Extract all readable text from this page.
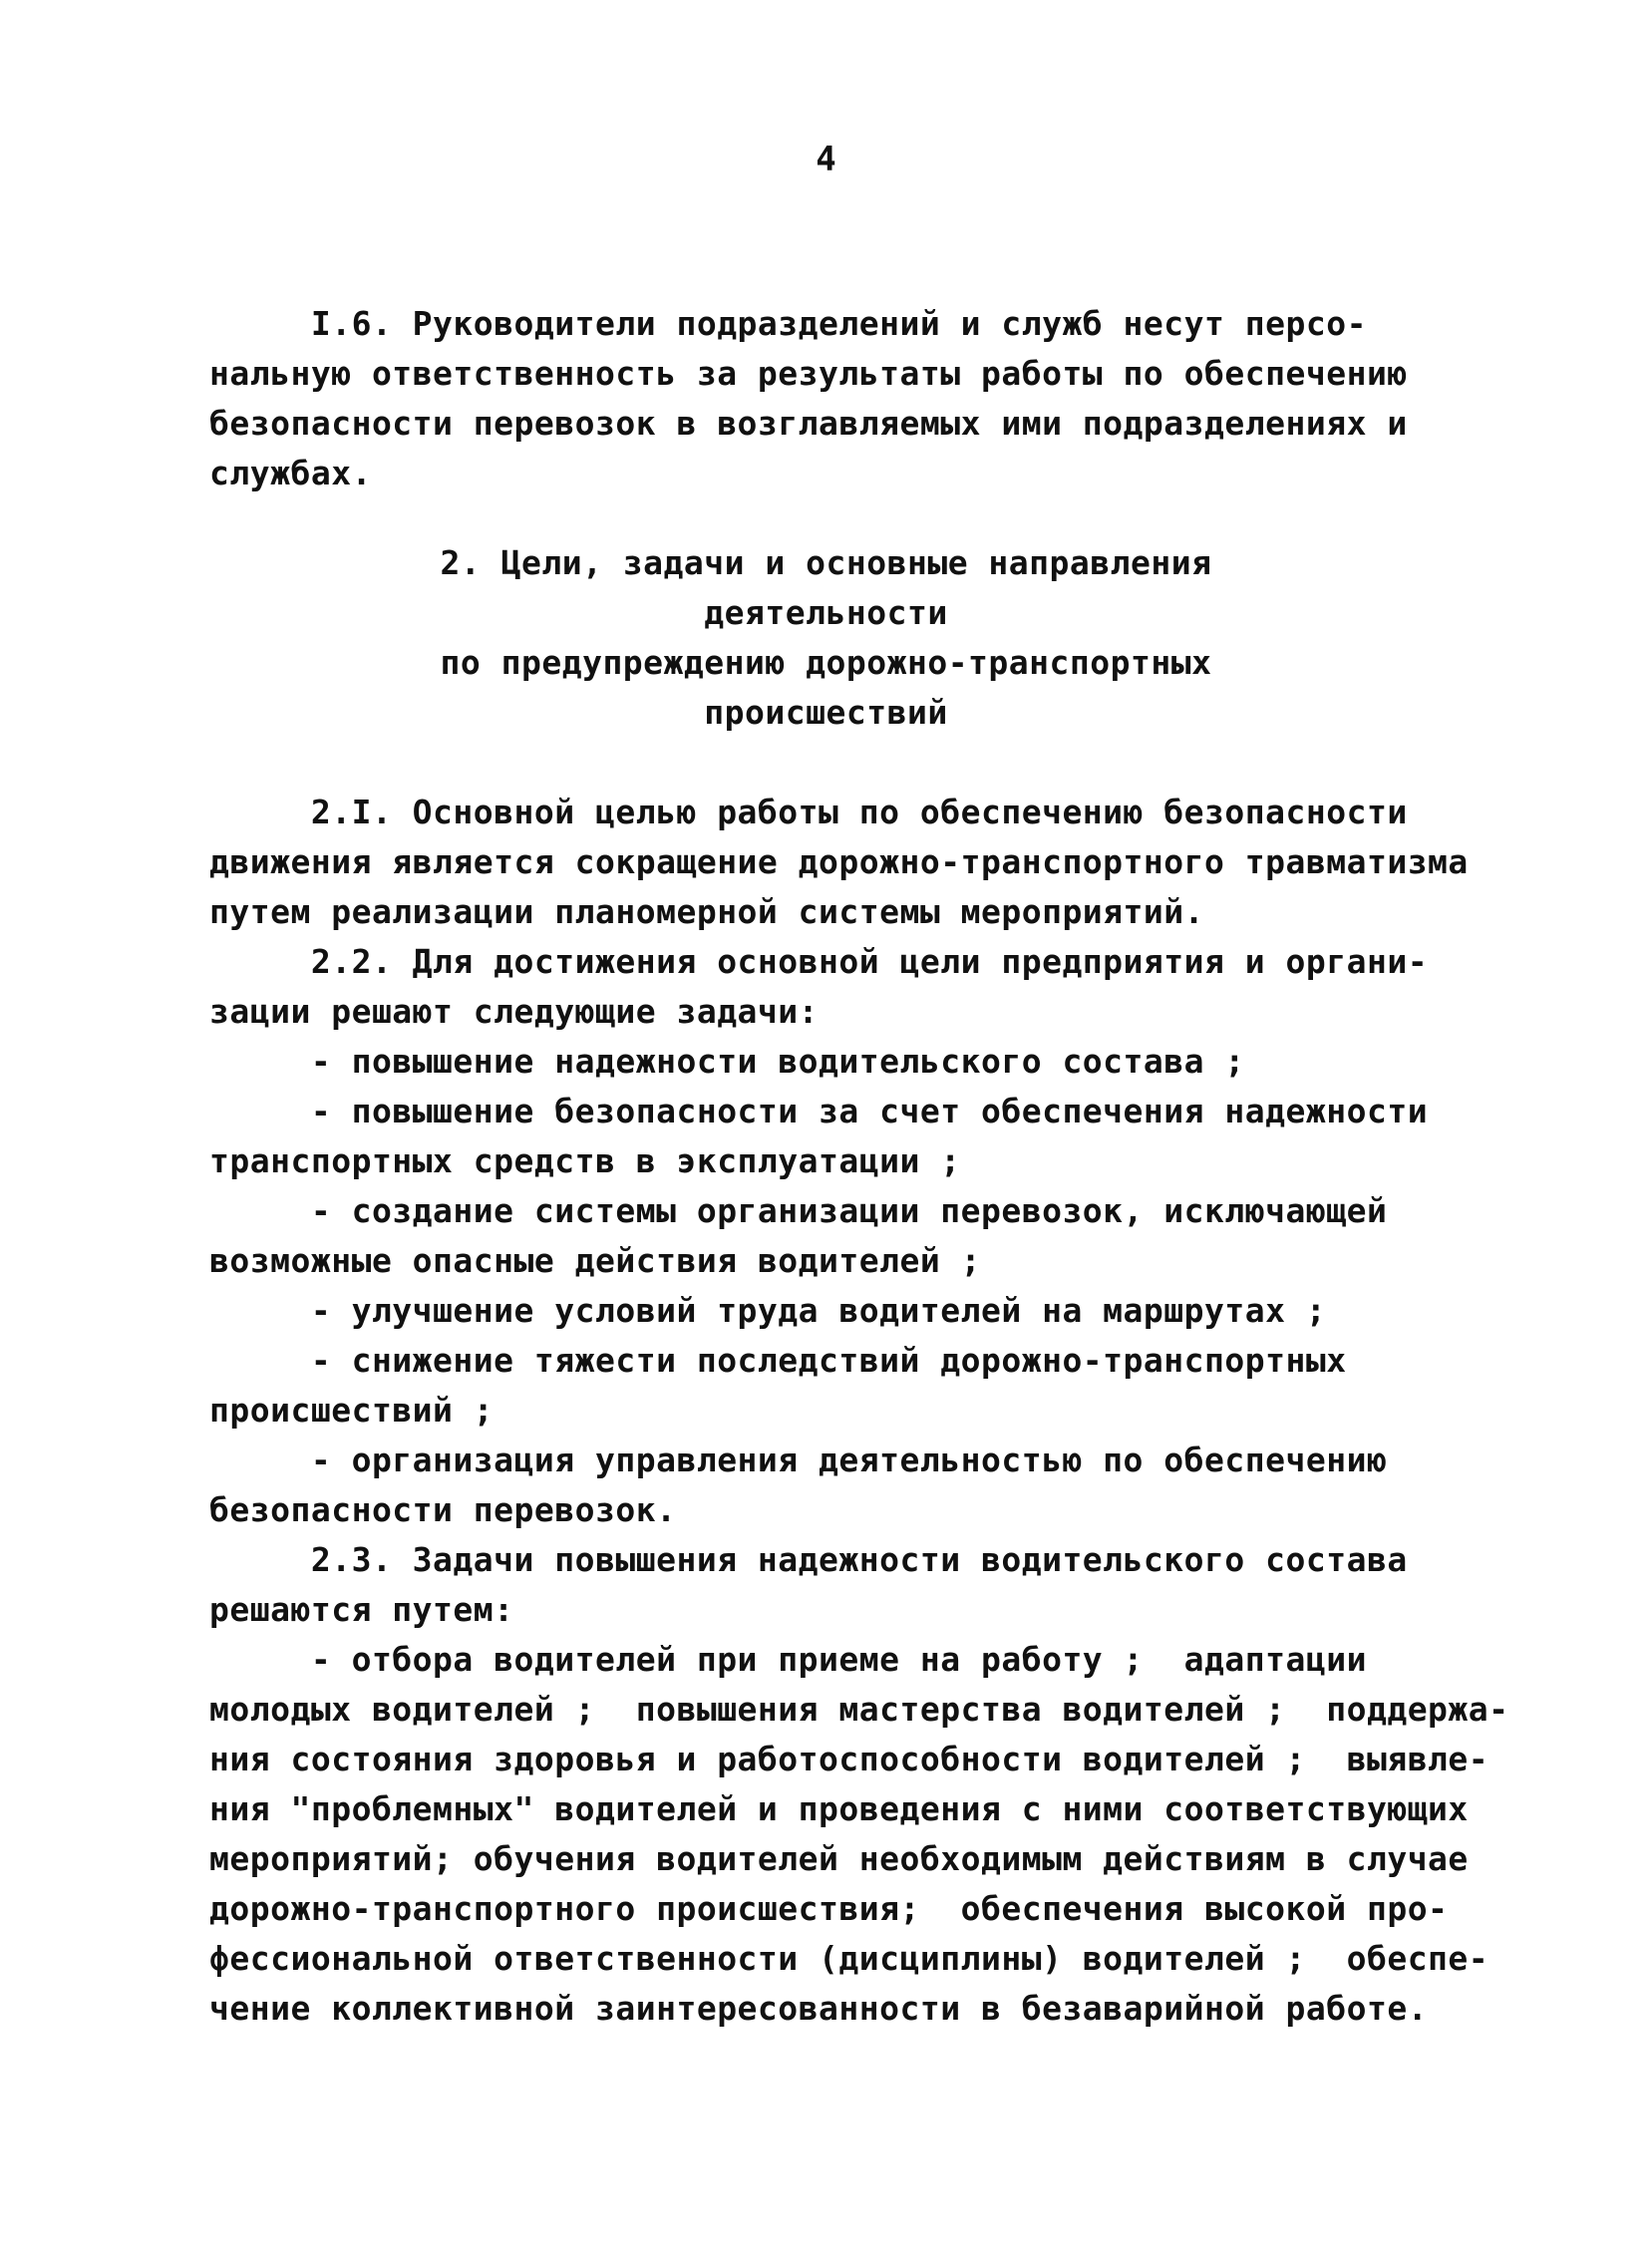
4
I.6. Руководители подразделений и служб несут персо-
нальную ответственность за результаты работы по обеспечению
безопасности перевозок в возглавляемых ими подразделениях и
службах.
2. Цели, задачи и основные направления
деятельности
по предупреждению дорожно-транспортных
происшествий
2.I. Основной целью работы по обеспечению безопасности
движения является сокращение дорожно-транспортного травматизма
путем реализации планомерной системы мероприятий.
2.2. Для достижения основной цели предприятия и органи-
зации решают следующие задачи:
- повышение надежности водительского состава ;
- повышение безопасности за счет обеспечения надежности
транспортных средств в эксплуатации ;
- создание системы организации перевозок, исключающей
возможные опасные действия водителей ;
- улучшение условий труда водителей на маршрутах ;
- снижение тяжести последствий дорожно-транспортных
происшествий ;
- организация управления деятельностью по обеспечению
безопасности перевозок.
2.3. Задачи повышения надежности водительского состава
решаются путем:
- отбора водителей при приеме на работу ;  адаптации
молодых водителей ;  повышения мастерства водителей ;  поддержа-
ния состояния здоровья и работоспособности водителей ;  выявле-
ния "проблемных" водителей и проведения с ними соответствующих
мероприятий; обучения водителей необходимым действиям в случае
дорожно-транспортного происшествия;  обеспечения высокой про-
фессиональной ответственности (дисциплины) водителей ;  обеспе-
чение коллективной заинтересованности в безаварийной работе.
